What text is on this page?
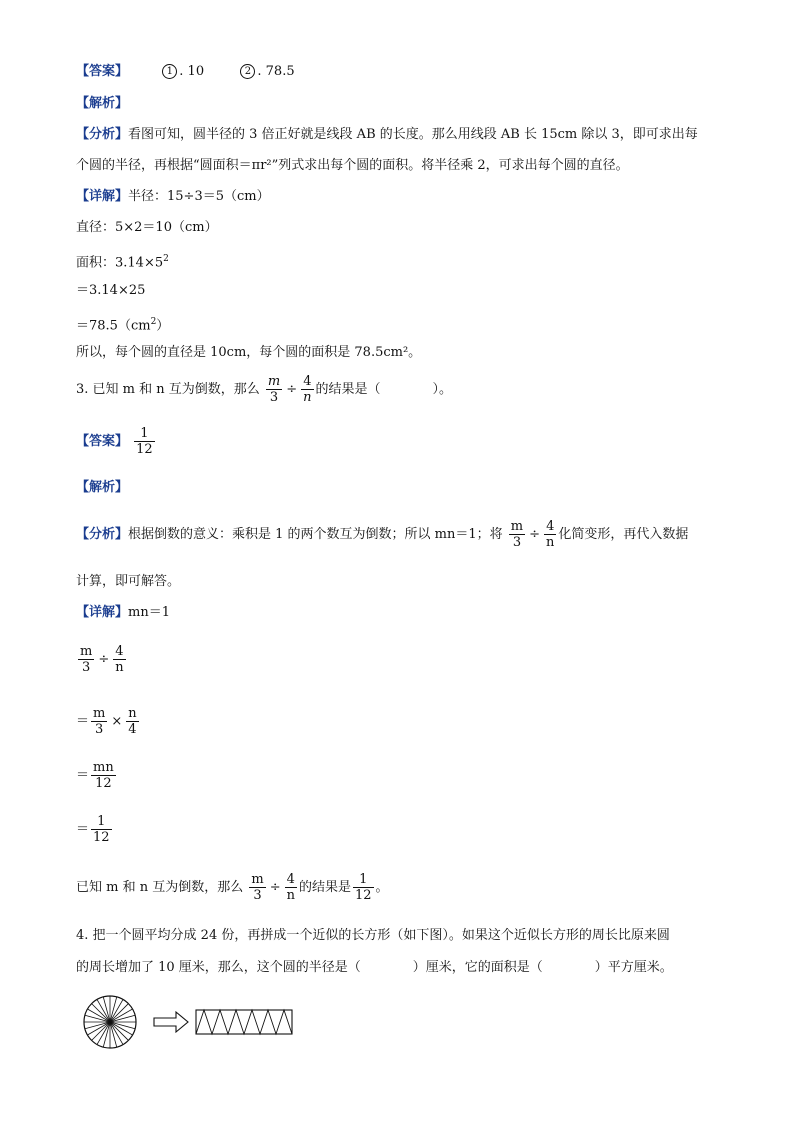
【答案】	1 . 10	2 . 78.5
【解析】
【分析】看图可知，圆半径的 3 倍正好就是线段 AB 的长度。那么用线段 AB 长 15cm 除以 3，即可求出每
个圆的半径，再根据“圆面积＝πr²”列式求出每个圆的面积。将半径乘 2，可求出每个圆的直径。
【详解】半径：15÷3＝5（cm）
直径：5×2＝10（cm）
面积：$3.14\times 5^2$
＝3.14×25
$=78.5(cm^2)$
所以，每个圆的直径是 10cm，每个圆的面积是 78.5cm²。
3. 已知 m 和 n 互为倒数，那么 $\frac{m}{3} \div \frac{4}{n}$ 的结果是（　　　　）。
【答案】 $\frac{1}{12}$
【解析】
【分析】根据倒数的意义：乘积是 1 的两个数互为倒数；所以 mn＝1；将 $\frac{m}{3} \div \frac{4}{n}$ 化简变形，再代入数据
计算，即可解答。
【详解】mn＝1
$\frac{m}{3} \div \frac{4}{n}$
＝ $\frac{m}{3} \times \frac{n}{4}$
＝ $\frac{mn}{12}$
＝ $\frac{1}{12}$
已知 m 和 n 互为倒数，那么 $\frac{m}{3} \div \frac{4}{n}$ 的结果是 $\frac{1}{12}$ 。
4. 把一个圆平均分成 24 份，再拼成一个近似的长方形（如下图）。如果这个近似长方形的周长比原来圆
的周长增加了 10 厘米，那么，这个圆的半径是（　　　　）厘米，它的面积是（　　　　）平方厘米。
